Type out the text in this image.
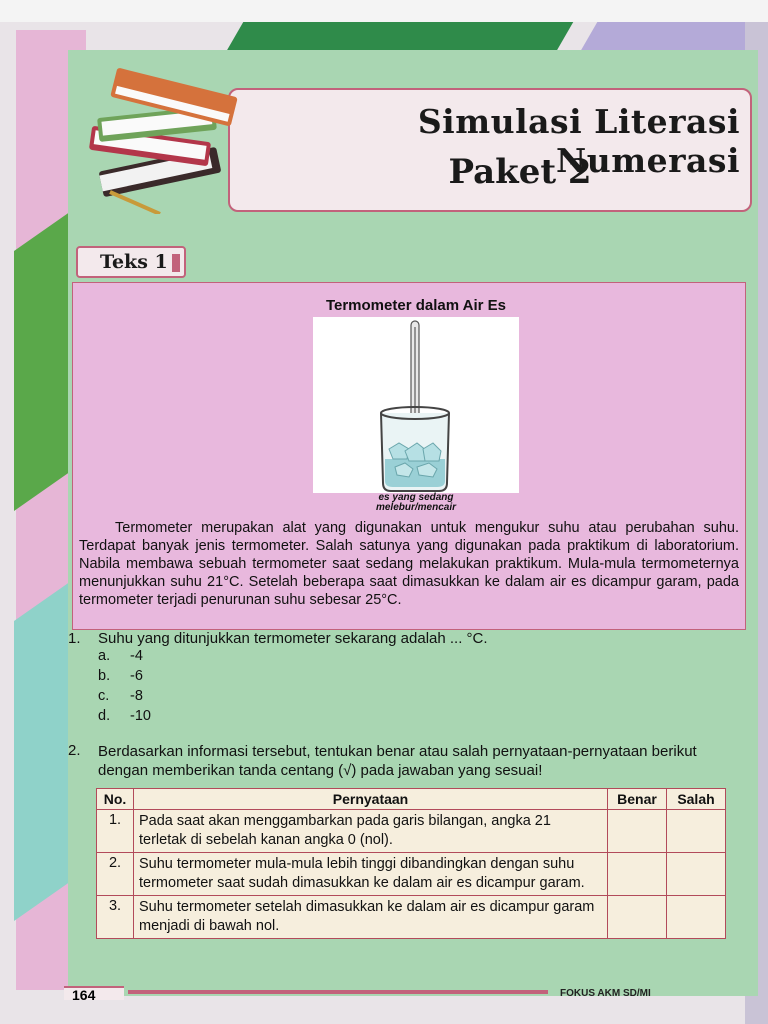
Simulasi Literasi Numerasi
Paket 2
Teks 1
Termometer dalam Air Es
es yang sedang melebur/mencair
Termometer merupakan alat yang digunakan untuk mengukur suhu atau perubahan suhu. Terdapat banyak jenis termometer. Salah satunya yang digunakan pada praktikum di laboratorium. Nabila membawa sebuah termometer saat sedang melakukan praktikum. Mula-mula termometernya menunjukkan suhu 21°C. Setelah beberapa saat dimasukkan ke dalam air es dicampur garam, pada termometer terjadi penurunan suhu sebesar 25°C.
1.	Suhu yang ditunjukkan termometer sekarang adalah ... °C.
a. -4
b. -6
c. -8
d. -10
2.	Berdasarkan informasi tersebut, tentukan benar atau salah pernyataan-pernyataan berikut dengan memberikan tanda centang (√) pada jawaban yang sesuai!
No.	Pernyataan	Benar	Salah
1.	Pada saat akan menggambarkan pada garis bilangan, angka 21 terletak di sebelah kanan angka 0 (nol).		
2.	Suhu termometer mula-mula lebih tinggi dibandingkan dengan suhu termometer saat sudah dimasukkan ke dalam air es dicampur garam.		
3.	Suhu termometer setelah dimasukkan ke dalam air es dicampur garam menjadi di bawah nol.		
164	FOKUS AKM SD/MI
